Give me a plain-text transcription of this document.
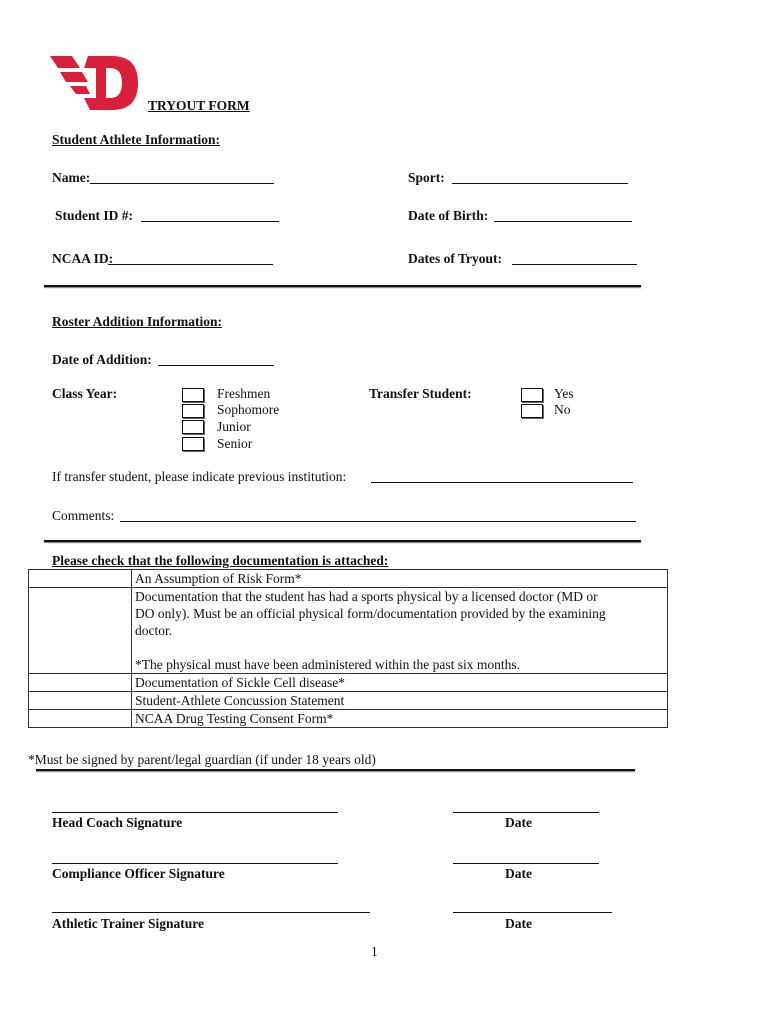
TRYOUT FORM
Student Athlete Information:
Name:	Sport:
Student ID #:	Date of Birth:
NCAA ID:	Dates of Tryout:
Roster Addition Information:
Date of Addition:
Class Year:	Freshmen
Sophomore
Junior
Senior
Transfer Student:	Yes
No
If transfer student, please indicate previous institution:
Comments:
Please check that the following documentation is attached:
	An Assumption of Risk Form*

	Documentation that the student has had a sports physical by a licensed doctor (MD or
DO only). Must be an official physical form/documentation provided by the examining
doctor.
*The physical must have been administered within the past six months.

	Documentation of Sickle Cell disease*
	Student-Athlete Concussion Statement
	NCAA Drug Testing Consent Form*
*Must be signed by parent/legal guardian (if under 18 years old)
Head Coach Signature	Date
Compliance Officer Signature	Date
Athletic Trainer Signature	Date
1
